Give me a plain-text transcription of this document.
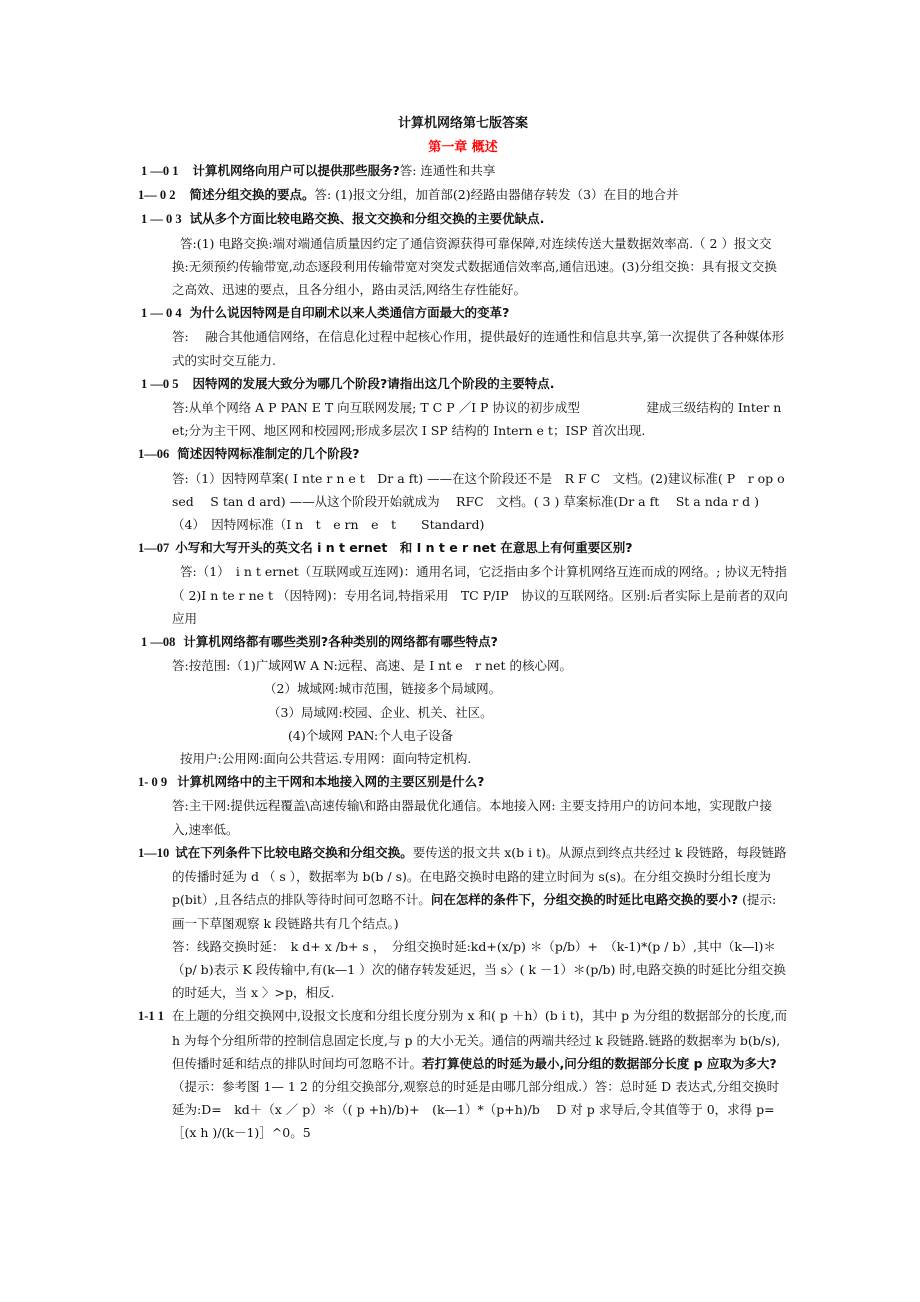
计算机网络第七版答案
第一章 概述

1 —0 1 计算机网络向用户可以提供那些服务?答: 连通性和共享

1— 0 2 简述分组交换的要点。答: (1)报文分组，加首部(2)经路由器储存转发（3）在目的地合并

1 — 0 3 试从多个方面比较电路交换、报文交换和分组交换的主要优缺点.

答:(1) 电路交换:端对端通信质量因约定了通信资源获得可靠保障,对连续传送大量数据效率高.（ 2 ）报文交换:无须预约传输带宽,动态逐段利用传输带宽对突发式数据通信效率高,通信迅速。(3)分组交换：具有报文交换之高效、迅速的要点，且各分组小，路由灵活,网络生存性能好。

1 — 0 4 为什么说因特网是自印刷术以来人类通信方面最大的变革?

答:　 融合其他通信网络，在信息化过程中起核心作用，提供最好的连通性和信息共享,第一次提供了各种媒体形式的实时交互能力.

1 —0 5 因特网的发展大致分为哪几个阶段?请指出这几个阶段的主要特点.

答:从单个网络 A P PAN E T 向互联网发展; T C P ／I P 协议的初步成型　　　　　 建成三级结构的 Inter n et;分为主干网、地区网和校园网;形成多层次 I SP 结构的 Intern e t；ISP 首次出现.

1—06 简述因特网标准制定的几个阶段?

答:（1）因特网草案( I nte r n e t　Dr a ft) ——在这个阶段还不是　R F C　文档。(2)建议标准( P　r op o sed　 S tan d ard) ——从这个阶段开始就成为　 RFC　文档。( 3 ) 草案标准(Dr a ft　 St a nda r d ) （4）　因特网标准（I n　t　e rn　e　t　　Standard)

1—07 小写和大写开头的英文名 i n t ernet　和 I n t e r net 在意思上有何重要区别?

答:（1）　i n t ernet（互联网或互连网)：通用名词，它泛指由多个计算机网络互连而成的网络。; 协议无特指（ 2)I n te r ne t （因特网)：专用名词,特指采用　TC P/IP　协议的互联网络。区别:后者实际上是前者的双向应用

1 —08 计算机网络都有哪些类别?各种类别的网络都有哪些特点?

答:按范围:（1)广域网W A N:远程、高速、是 I nt e　r net 的核心网。

（2）城域网:城市范围，链接多个局域网。

（3）局域网:校园、企业、机关、社区。

(4)个域网 PAN:个人电子设备

按用户:公用网:面向公共营运.专用网：面向特定机构.

1- 0 9 计算机网络中的主干网和本地接入网的主要区别是什么?

答:主干网:提供远程覆盖\高速传输\和路由器最优化通信。本地接入网: 主要支持用户的访问本地，实现散户接入,速率低。

1—10 试在下列条件下比较电路交换和分组交换。要传送的报文共 x(b i t)。从源点到终点共经过 k 段链路，每段链路的传播时延为 d （ s ），数据率为 b(b / s)。在电路交换时电路的建立时间为 s(s)。在分组交换时分组长度为 p(bit）,且各结点的排队等待时间可忽略不计。问在怎样的条件下，分组交换的时延比电路交换的要小? (提示:画一下草图观察 k 段链路共有几个结点。)

答：线路交换时延：　k d+ x /b+ s ，　分组交换时延:kd+(x/p) ＊（p/b）+　（k-1)*(p / b）,其中（k—l)＊（p/ b)表示 K 段传输中,有(k—1 ）次的储存转发延迟，当 s〉( k －1）＊(p/b) 时,电路交换的时延比分组交换的时延大，当 x 〉>p，相反.

1-1 1 在上题的分组交换网中,设报文长度和分组长度分别为 x 和( p ＋h）(b i t)，其中 p 为分组的数据部分的长度,而 h 为每个分组所带的控制信息固定长度,与 p 的大小无关。通信的两端共经过 k 段链路.链路的数据率为 b(b/s),但传播时延和结点的排队时间均可忽略不计。若打算使总的时延为最小,问分组的数据部分长度 p 应取为多大? （提示：参考图 1— 1 2 的分组交换部分,观察总的时延是由哪几部分组成.）答：总时延 D 表达式,分组交换时延为:D=　kd＋（x ／ p）＊（( p +h)/b)+　(k—1）*（p+h)/b　 D 对 p 求导后,令其值等于 0，求得 p=［(x h )/(k－1)］^0。5
